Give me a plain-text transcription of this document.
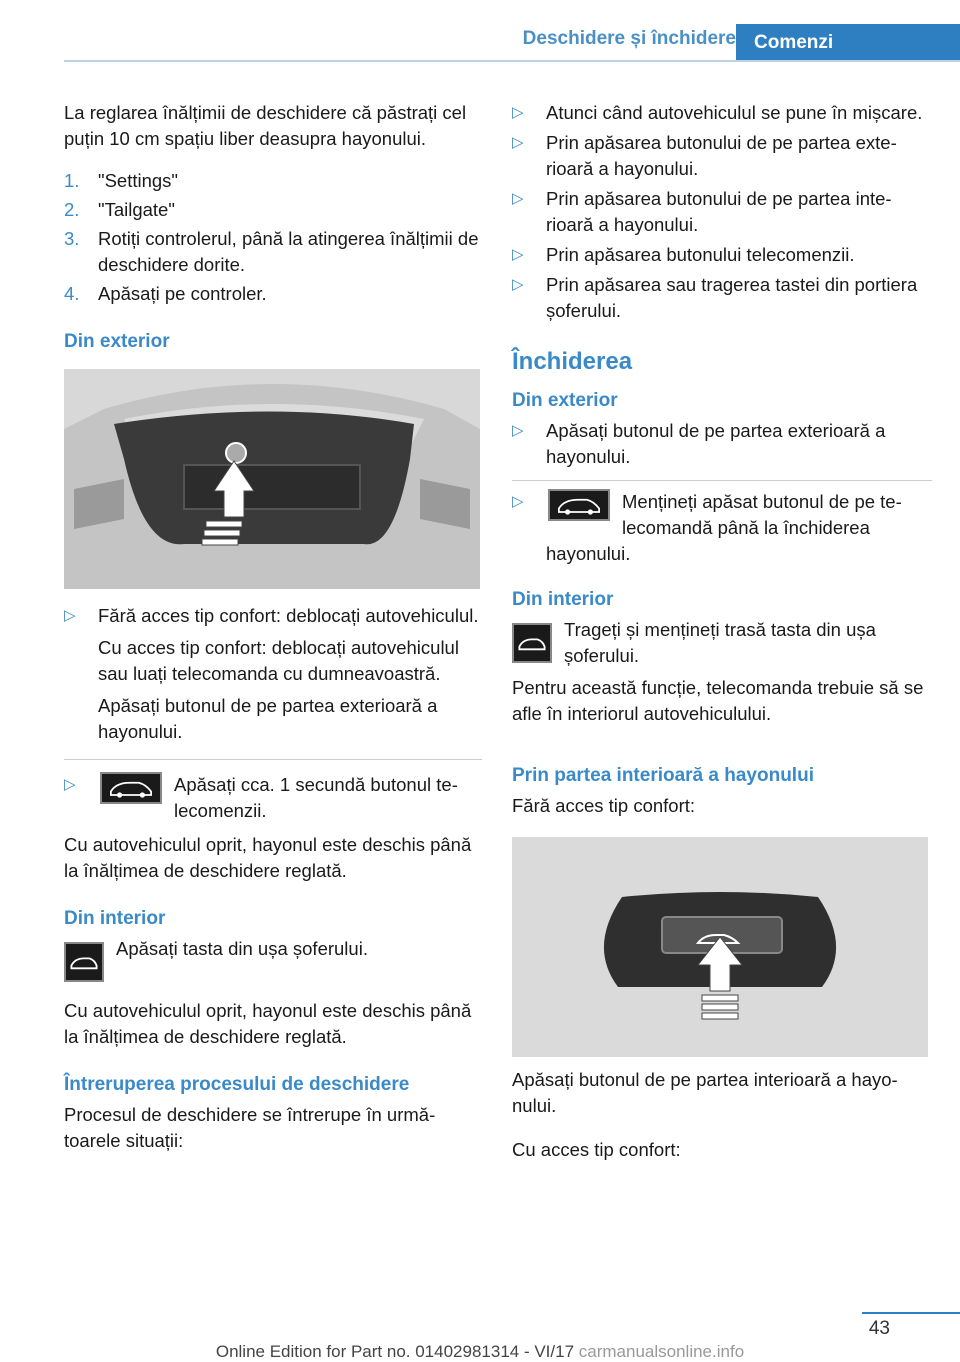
Deschidere și închidere Comenzi

La reglarea înălțimii de deschidere că păstrați cel puțin 10 cm spațiu liber deasupra hayonului.

1. "Settings"
2. "Tailgate"
3. Rotiți controlerul, până la atingerea înălțimii de deschidere dorite.
4. Apăsați pe controler.
Din exterior
▷ Fără acces tip confort: deblocați autovehiculul.

Cu acces tip confort: deblocați autovehiculul sau luați telecomanda cu dumneavoastră.

Apăsați butonul de pe partea exterioară a hayonului.

▷	Apăsați cca. 1 secundă butonul telecomenzii.

Cu autovehiculul oprit, hayonul este deschis până la înălțimea de deschidere reglată.

Din interior

Apăsați tasta din ușa șoferului.

Cu autovehiculul oprit, hayonul este deschis până la înălțimea de deschidere reglată.

Întreruperea procesului de deschidere

Procesul de deschidere se întrerupe în următoarele situații:

▷ Atunci când autovehiculul se pune în mișcare.
▷ Prin apăsarea butonului de pe partea exterioară a hayonului.
▷ Prin apăsarea butonului de pe partea interioară a hayonului.
▷ Prin apăsarea butonului telecomenzii.
▷ Prin apăsarea sau tragerea tastei din portiera șoferului.
Închiderea
Din exterior
▷ Apăsați butonul de pe partea exterioară a hayonului.
▷	Mențineți apăsat butonul de pe telecomandă până la închiderea

hayonului.

Din interior

Trageți și mențineți trasă tasta din ușa șoferului.

Pentru această funcție, telecomanda trebuie să se afle în interiorul autovehiculului.

Prin partea interioară a hayonului

Fără acces tip confort:

Apăsați butonul de pe partea interioară a hayonului.

Cu acces tip confort:

43
Online Edition for Part no. 01402981314 - VI/17 carmanualsonline.info
